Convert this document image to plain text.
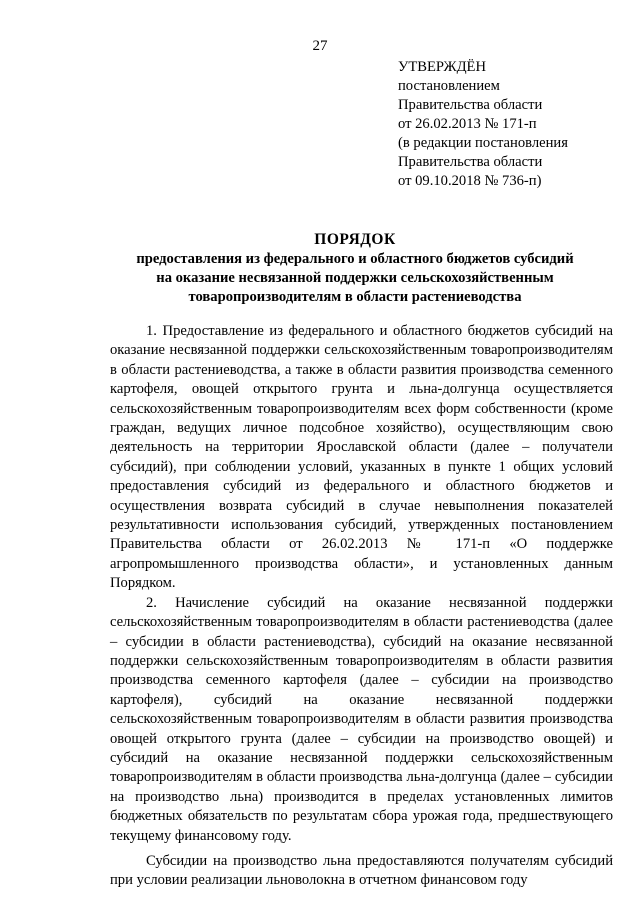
27
УТВЕРЖДЁН
постановлением
Правительства области
от 26.02.2013 № 171-п
(в редакции постановления
Правительства области
от 09.10.2018 № 736-п)
ПОРЯДОК
предоставления из федерального и областного бюджетов субсидий
на оказание несвязанной поддержки сельскохозяйственным
товаропроизводителям в области растениеводства

1. Предоставление из федерального и областного бюджетов субсидий на оказание несвязанной поддержки сельскохозяйственным товаропроизводителям в области растениеводства, а также в области развития производства семенного картофеля, овощей открытого грунта и льна-долгунца осуществляется сельскохозяйственным товаропроизводителям всех форм собственности (кроме граждан, ведущих личное подсобное хозяйство), осуществляющим свою деятельность на территории Ярославской области (далее – получатели субсидий), при соблюдении условий, указанных в пункте 1 общих условий предоставления субсидий из федерального и областного бюджетов и осуществления возврата субсидий в случае невыполнения показателей результативности использования субсидий, утвержденных постановлением Правительства области от 26.02.2013 № 171-п «О поддержке агропромышленного производства области», и установленных данным Порядком.

2. Начисление субсидий на оказание несвязанной поддержки сельскохозяйственным товаропроизводителям в области растениеводства (далее – субсидии в области растениеводства), субсидий на оказание несвязанной поддержки сельскохозяйственным товаропроизводителям в области развития производства семенного картофеля (далее – субсидии на производство картофеля), субсидий на оказание несвязанной поддержки сельскохозяйственным товаропроизводителям в области развития производства овощей открытого грунта (далее – субсидии на производство овощей) и субсидий на оказание несвязанной поддержки сельскохозяйственным товаропроизводителям в области производства льна-долгунца (далее – субсидии на производство льна) производится в пределах установленных лимитов бюджетных обязательств по результатам сбора урожая года, предшествующего текущему финансовому году.

Субсидии на производство льна предоставляются получателям субсидий при условии реализации льноволокна в отчетном финансовом году
